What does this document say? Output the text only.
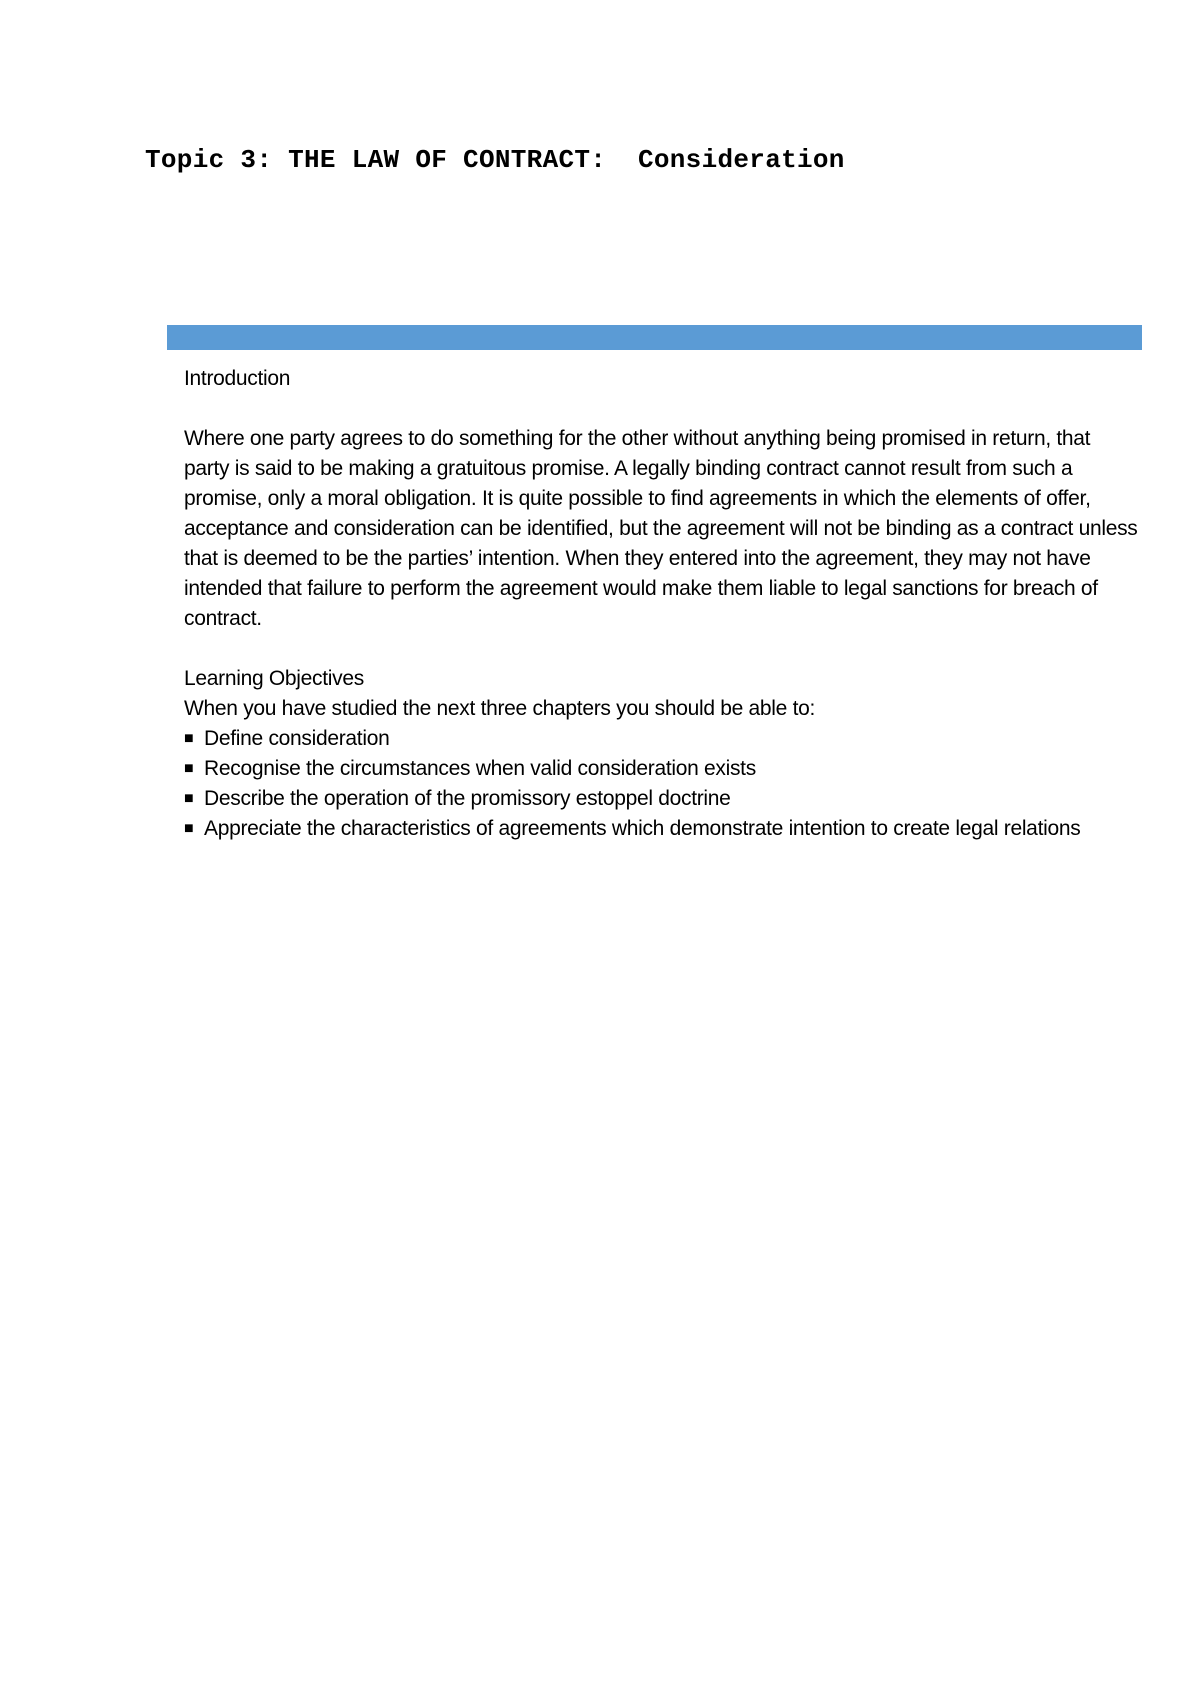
Topic 3: THE LAW OF CONTRACT:  Consideration
Introduction

Where one party agrees to do something for the other without anything being promised in return, that party is said to be making a gratuitous promise. A legally binding contract cannot result from such a promise, only a moral obligation. It is quite possible to find agreements in which the elements of offer, acceptance and consideration can be identified, but the agreement will not be binding as a contract unless that is deemed to be the parties’ intention. When they entered into the agreement, they may not have intended that failure to perform the agreement would make them liable to legal sanctions for breach of contract.

Learning Objectives

When you have studied the next three chapters you should be able to:

■ Define consideration
■ Recognise the circumstances when valid consideration exists
■ Describe the operation of the promissory estoppel doctrine
■ Appreciate the characteristics of agreements which demonstrate intention to create legal relations
